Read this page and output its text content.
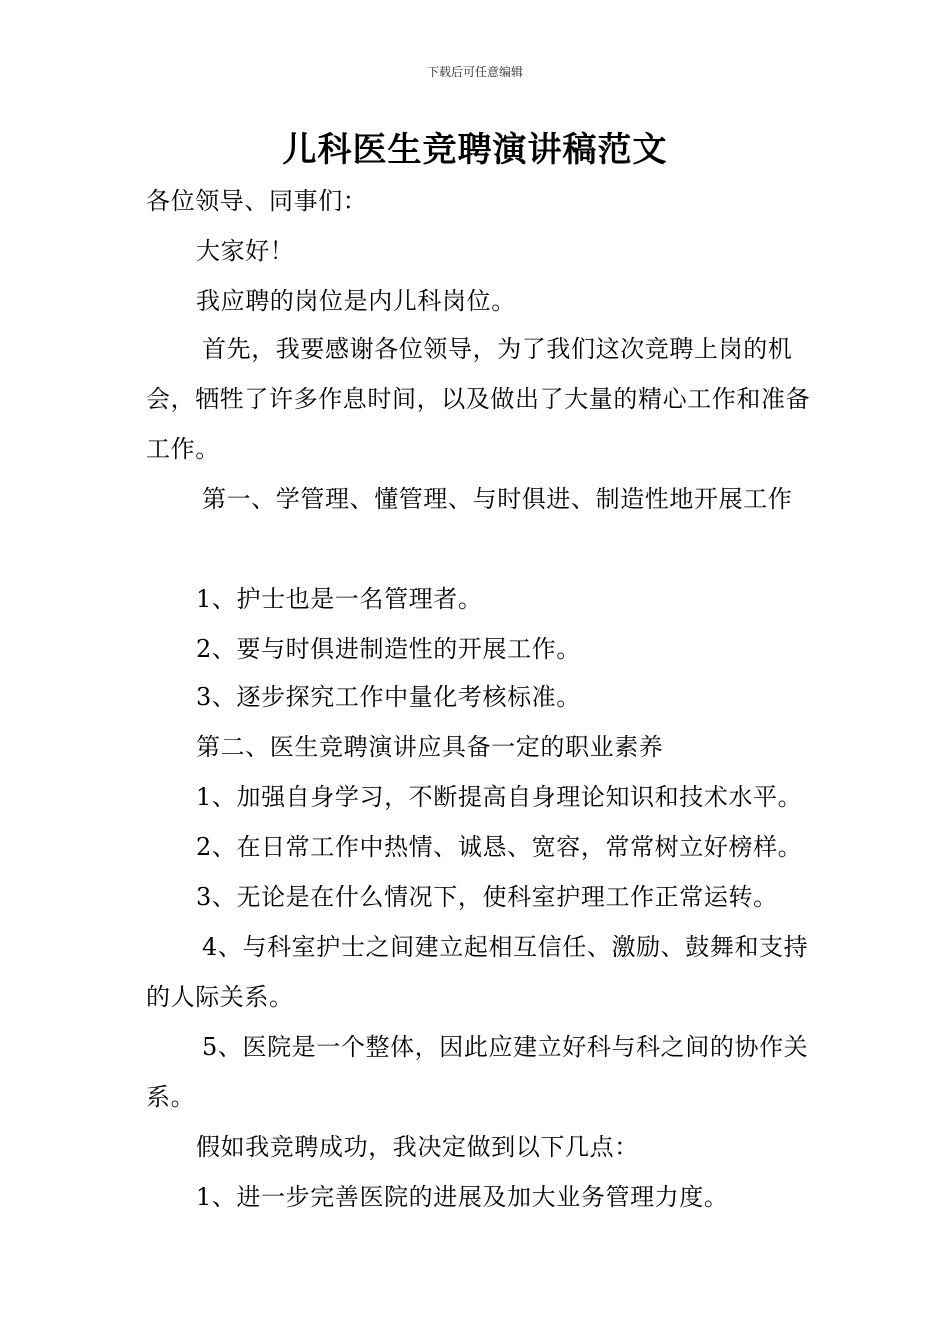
下载后可任意编辑
儿科医生竞聘演讲稿范文
各位领导、同事们：
大家好！
我应聘的岗位是内儿科岗位。
首先，我要感谢各位领导，为了我们这次竞聘上岗的机会，牺牲了许多作息时间，以及做出了大量的精心工作和准备工作。
第一、学管理、懂管理、与时俱进、制造性地开展工作
1、护士也是一名管理者。
2、要与时俱进制造性的开展工作。
3、逐步探究工作中量化考核标准。
第二、医生竞聘演讲应具备一定的职业素养
1、加强自身学习，不断提高自身理论知识和技术水平。
2、在日常工作中热情、诚恳、宽容，常常树立好榜样。
3、无论是在什么情况下，使科室护理工作正常运转。
4、与科室护士之间建立起相互信任、激励、鼓舞和支持的人际关系。
5、医院是一个整体，因此应建立好科与科之间的协作关系。
假如我竞聘成功，我决定做到以下几点：
1、进一步完善医院的进展及加大业务管理力度。
